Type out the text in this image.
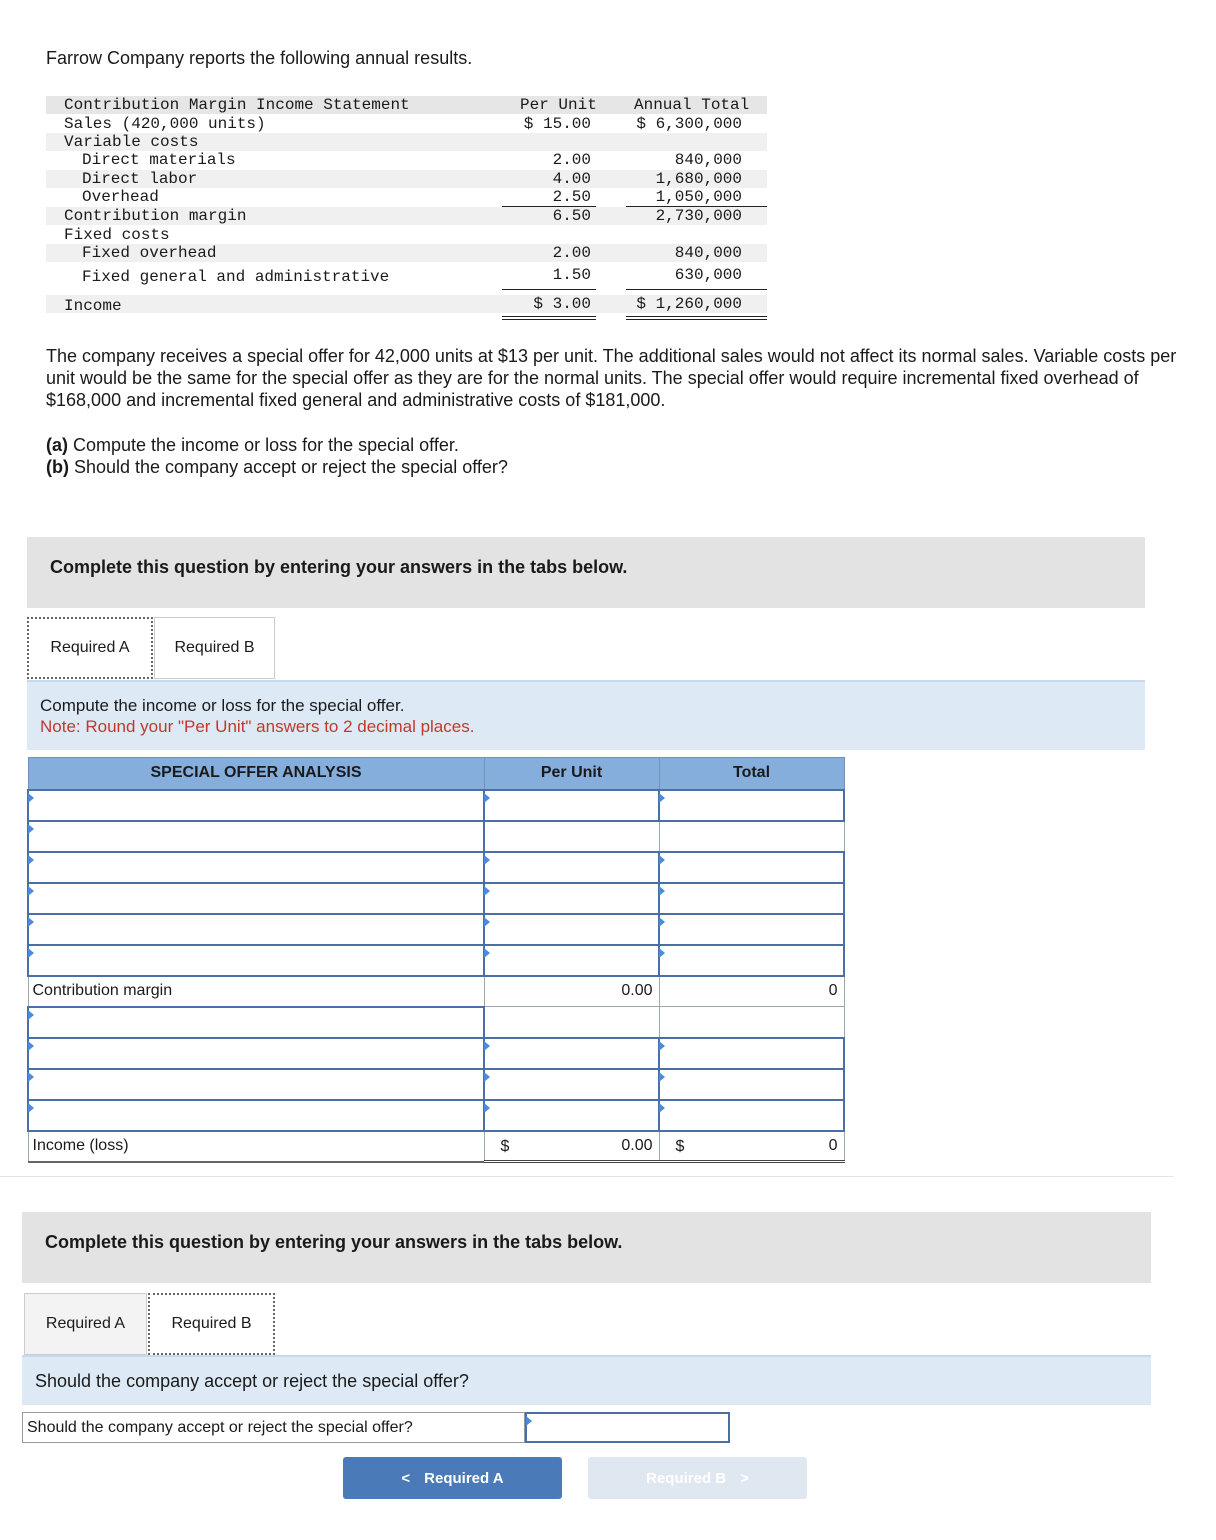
Farrow Company reports the following annual results.
Contribution Margin Income Statement	Per Unit Annual Total
Sales (420,000 units)	$ 15.00	$ 6,300,000
Variable costs
Direct materials	2.00	840,000
Direct labor	4.00	1,680,000
Overhead	2.50	1,050,000
Contribution margin	6.50	2,730,000
Fixed costs
Fixed overhead	2.00	840,000
Fixed general and administrative	1.50	630,000
Income	$ 3.00	$ 1,260,000
The company receives a special offer for 42,000 units at $13 per unit. The additional sales would not affect its normal sales. Variable costs per unit would be the same for the special offer as they are for the normal units. The special offer would require incremental fixed overhead of $168,000 and incremental fixed general and administrative costs of $181,000.
(a) Compute the income or loss for the special offer.
(b) Should the company accept or reject the special offer?
Complete this question by entering your answers in the tabs below.
Required A	Required B
Compute the income or loss for the special offer.
Note: Round your "Per Unit" answers to 2 decimal places.
SPECIAL OFFER ANALYSIS	Per Unit	Total

Contribution margin	0.00	0

Income (loss)	$ 0.00	$ 0
Complete this question by entering your answers in the tabs below.
Required A	Required B
Should the company accept or reject the special offer?
Should the company accept or reject the special offer?
< Required A	Required B >
